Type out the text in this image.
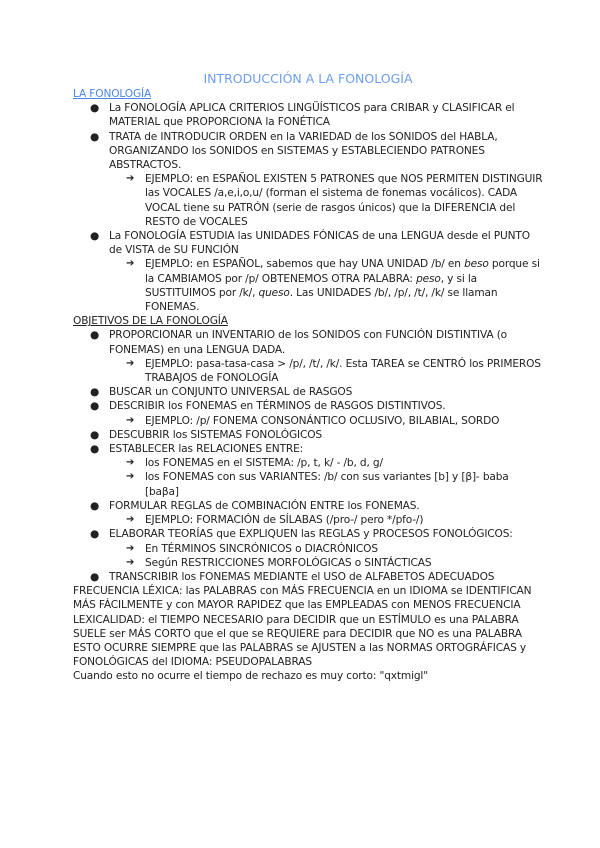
INTRODUCCIÓN A LA FONOLOGÍA
LA FONOLOGÍA
● La FONOLOGÍA APLICA CRITERIOS LINGÜÍSTICOS para CRIBAR y CLASIFICAR el MATERIAL que PROPORCIONA la FONÉTICA
● TRATA de INTRODUCIR ORDEN en la VARIEDAD de los SONIDOS del HABLA, ORGANIZANDO los SONIDOS en SISTEMAS y ESTABLECIENDO PATRONES ABSTRACTOS.
➔ EJEMPLO: en ESPAÑOL EXISTEN 5 PATRONES que NOS PERMITEN DISTINGUIR las VOCALES /a,e,i,o,u/ (forman el sistema de fonemas vocálicos). CADA VOCAL tiene su PATRÓN (serie de rasgos únicos) que la DIFERENCIA del RESTO de VOCALES
● La FONOLOGÍA ESTUDIA las UNIDADES FÓNICAS de una LENGUA desde el PUNTO de VISTA de SU FUNCIÓN
➔ EJEMPLO: en ESPAÑOL, sabemos que hay UNA UNIDAD /b/ en beso porque si la CAMBIAMOS por /p/ OBTENEMOS OTRA PALABRA: peso, y si la SUSTITUIMOS por /k/, queso. Las UNIDADES /b/, /p/, /t/, /k/ se llaman FONEMAS.
OBJETIVOS DE LA FONOLOGÍA
● PROPORCIONAR un INVENTARIO de los SONIDOS con FUNCIÓN DISTINTIVA (o FONEMAS) en una LENGUA DADA.
➔ EJEMPLO: pasa-tasa-casa > /p/, /t/, /k/. Esta TAREA se CENTRÓ los PRIMEROS TRABAJOS de FONOLOGÍA
● BUSCAR un CONJUNTO UNIVERSAL de RASGOS
● DESCRIBIR los FONEMAS en TÉRMINOS de RASGOS DISTINTIVOS.
➔ EJEMPLO: /p/ FONEMA CONSONÁNTICO OCLUSIVO, BILABIAL, SORDO
● DESCUBRIR los SISTEMAS FONOLÓGICOS
● ESTABLECER las RELACIONES ENTRE:
➔ los FONEMAS en el SISTEMA: /p, t, k/ - /b, d, g/
➔ los FONEMAS con sus VARIANTES: /b/ con sus variantes [b] y [β]- baba [baβa]
● FORMULAR REGLAS de COMBINACIÓN ENTRE los FONEMAS.
➔ EJEMPLO: FORMACIÓN de SÍLABAS (/pro-/ pero */pfo-/)
● ELABORAR TEORÍAS que EXPLIQUEN las REGLAS y PROCESOS FONOLÓGICOS:
➔ En TÉRMINOS SINCRÓNICOS o DIACRÓNICOS
➔ Según RESTRICCIONES MORFOLÓGICAS o SINTÁCTICAS
● TRANSCRIBIR los FONEMAS MEDIANTE el USO de ALFABETOS ADECUADOS

FRECUENCIA LÉXICA: las PALABRAS con MÁS FRECUENCIA en un IDIOMA se IDENTIFICAN MÁS FÁCILMENTE y con MAYOR RAPIDEZ que las EMPLEADAS con MENOS FRECUENCIA

LEXICALIDAD: el TIEMPO NECESARIO para DECIDIR que un ESTÍMULO es una PALABRA SUELE ser MÁS CORTO que el que se REQUIERE para DECIDIR que NO es una PALABRA

ESTO OCURRE SIEMPRE que las PALABRAS se AJUSTEN a las NORMAS ORTOGRÁFICAS y FONOLÓGICAS del IDIOMA: PSEUDOPALABRAS

Cuando esto no ocurre el tiempo de rechazo es muy corto: "qxtmigl"
